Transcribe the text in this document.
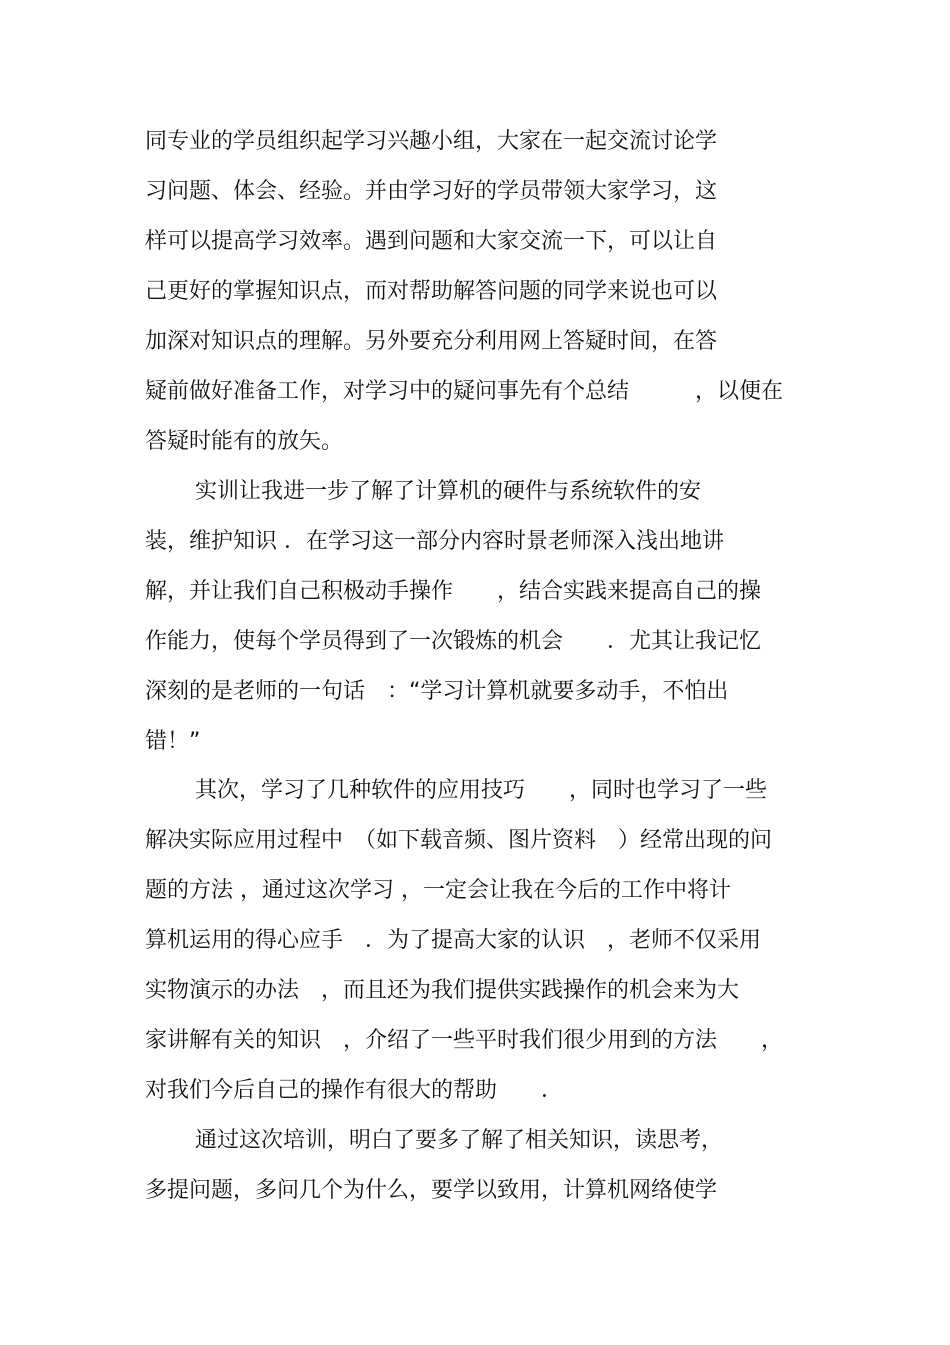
同专业的学员组织起学习兴趣小组，大家在一起交流讨论学
习问题、体会、经验。并由学习好的学员带领大家学习，这
样可以提高学习效率。遇到问题和大家交流一下，可以让自
己更好的掌握知识点，而对帮助解答问题的同学来说也可以
加深对知识点的理解。另外要充分利用网上答疑时间，在答
疑前做好准备工作，对学习中的疑问事先有个总结　　　，以便在
答疑时能有的放矢。
实训让我进一步了解了计算机的硬件与系统软件的安
装，维护知识 ．在学习这一部分内容时景老师深入浅出地讲
解，并让我们自己积极动手操作　　，结合实践来提高自己的操
作能力，使每个学员得到了一次锻炼的机会　　．尤其让我记忆
深刻的是老师的一句话　：“学习计算机就要多动手，不怕出
错！”
其次，学习了几种软件的应用技巧　　，同时也学习了一些
解决实际应用过程中　（如下载音频、图片资料　）经常出现的问
题的方法 ，通过这次学习 ，一定会让我在今后的工作中将计
算机运用的得心应手　．为了提高大家的认识　，老师不仅采用
实物演示的办法　，而且还为我们提供实践操作的机会来为大
家讲解有关的知识　，介绍了一些平时我们很少用到的方法　　，
对我们今后自己的操作有很大的帮助　　．
通过这次培训，明白了要多了解了相关知识，读思考，
多提问题，多问几个为什么，要学以致用，计算机网络使学
